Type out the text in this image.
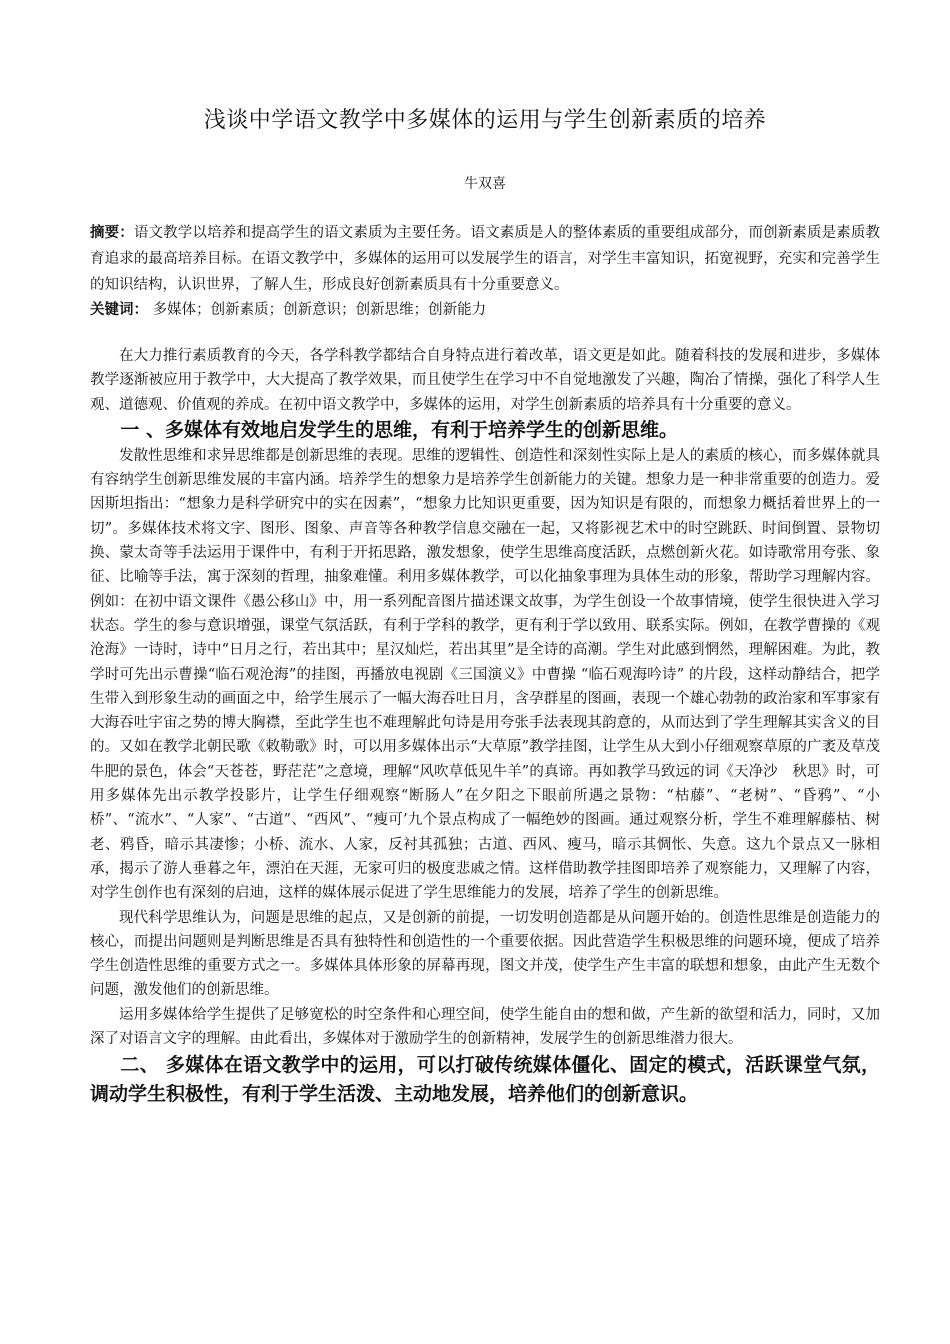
浅谈中学语文教学中多媒体的运用与学生创新素质的培养

牛双喜

摘要：语文教学以培养和提高学生的语文素质为主要任务。语文素质是人的整体素质的重要组成部分，而创新素质是素质教育追求的最高培养目标。在语文教学中，多媒体的运用可以发展学生的语言，对学生丰富知识，拓宽视野，充实和完善学生的知识结构，认识世界，了解人生，形成良好创新素质具有十分重要意义。

关键词： 多媒体；创新素质；创新意识；创新思维；创新能力

在大力推行素质教育的今天，各学科教学都结合自身特点进行着改革，语文更是如此。随着科技的发展和进步，多媒体教学逐渐被应用于教学中，大大提高了教学效果，而且使学生在学习中不自觉地激发了兴趣，陶冶了情操，强化了科学人生观、道德观、价值观的养成。在初中语文教学中，多媒体的运用，对学生创新素质的培养具有十分重要的意义。

一 、多媒体有效地启发学生的思维，有利于培养学生的创新思维。

发散性思维和求异思维都是创新思维的表现。思维的逻辑性、创造性和深刻性实际上是人的素质的核心，而多媒体就具有容纳学生创新思维发展的丰富内涵。培养学生的想象力是培养学生创新能力的关键。想象力是一种非常重要的创造力。爱因斯坦指出：“想象力是科学研究中的实在因素”，“想象力比知识更重要，因为知识是有限的，而想象力概括着世界上的一切”。多媒体技术将文字、图形、图象、声音等各种教学信息交融在一起，又将影视艺术中的时空跳跃、时间倒置、景物切换、蒙太奇等手法运用于课件中，有利于开拓思路，激发想象，使学生思维高度活跃，点燃创新火花。如诗歌常用夸张、象征、比喻等手法，寓于深刻的哲理，抽象难懂。利用多媒体教学，可以化抽象事理为具体生动的形象，帮助学习理解内容。例如：在初中语文课件《愚公移山》中，用一系列配音图片描述课文故事，为学生创设一个故事情境，使学生很快进入学习状态。学生的参与意识增强，课堂气氛活跃，有利于学科的教学，更有利于学以致用、联系实际。例如，在教学曹操的《观沧海》一诗时，诗中“日月之行，若出其中；星汉灿烂，若出其里”是全诗的高潮。学生对此感到惘然，理解困难。为此，教学时可先出示曹操“临石观沧海”的挂图，再播放电视剧《三国演义》中曹操 “临石观海吟诗” 的片段，这样动静结合，把学生带入到形象生动的画面之中，给学生展示了一幅大海吞吐日月，含孕群星的图画，表现一个雄心勃勃的政治家和军事家有大海吞吐宇宙之势的博大胸襟，至此学生也不难理解此句诗是用夸张手法表现其韵意的，从而达到了学生理解其实含义的目的。又如在教学北朝民歌《敕勒歌》时，可以用多媒体出示“大草原”教学挂图，让学生从大到小仔细观察草原的广袤及草茂牛肥的景色，体会“天苍苍，野茫茫”之意境，理解“风吹草低见牛羊”的真谛。再如教学马致远的词《天净沙　秋思》时，可用多媒体先出示教学投影片，让学生仔细观察“断肠人”在夕阳之下眼前所遇之景物：“枯藤”、“老树”、“昏鸦”、“小桥”、“流水”、“人家”、“古道”、“西风”、“瘦可’九个景点构成了一幅绝妙的图画。通过观察分析，学生不难理解藤枯、树老、鸦昏，暗示其凄惨；小桥、流水、人家，反衬其孤独；古道、西风、瘦马，暗示其惆怅、失意。这九个景点又一脉相承，揭示了游人垂暮之年，漂泊在天涯，无家可归的极度悲戚之情。这样借助教学挂图即培养了观察能力，又理解了内容，对学生创作也有深刻的启迪，这样的媒体展示促进了学生思维能力的发展，培养了学生的创新思维。

现代科学思维认为，问题是思维的起点，又是创新的前提，一切发明创造都是从问题开始的。创造性思维是创造能力的核心，而提出问题则是判断思维是否具有独特性和创造性的一个重要依据。因此营造学生积极思维的问题环境，便成了培养学生创造性思维的重要方式之一。多媒体具体形象的屏幕再现，图文并茂，使学生产生丰富的联想和想象，由此产生无数个问题，激发他们的创新思维。

运用多媒体给学生提供了足够宽松的时空条件和心理空间，使学生能自由的想和做，产生新的欲望和活力，同时，又加深了对语言文字的理解。由此看出，多媒体对于激励学生的创新精神，发展学生的创新思维潜力很大。

二、 多媒体在语文教学中的运用，可以打破传统媒体僵化、固定的模式，活跃课堂气氛，调动学生积极性，有利于学生活泼、主动地发展，培养他们的创新意识。
